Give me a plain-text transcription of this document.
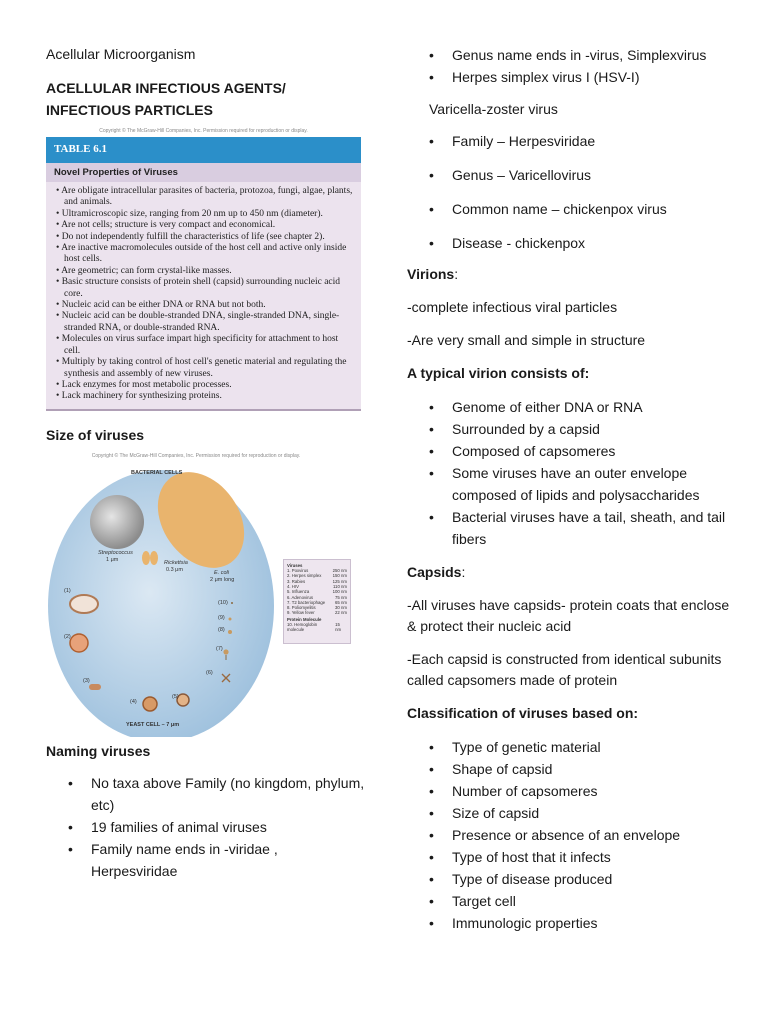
Acellular Microorganism

ACELLULAR INFECTIOUS AGENTS/

INFECTIOUS PARTICLES

Copyright © The McGraw-Hill Companies, Inc. Permission required for reproduction or display.
TABLE 6.1
Novel Properties of Viruses
• Are obligate intracellular parasites of bacteria, protozoa, fungi, algae, plants, and animals.
• Ultramicroscopic size, ranging from 20 nm up to 450 nm (diameter).
• Are not cells; structure is very compact and economical.
• Do not independently fulfill the characteristics of life (see chapter 2).
• Are inactive macromolecules outside of the host cell and active only inside host cells.
• Are geometric; can form crystal-like masses.
• Basic structure consists of protein shell (capsid) surrounding nucleic acid core.
• Nucleic acid can be either DNA or RNA but not both.
• Nucleic acid can be double-stranded DNA, single-stranded DNA, single-stranded RNA, or double-stranded RNA.
• Molecules on virus surface impart high specificity for attachment to host cell.
• Multiply by taking control of host cell's genetic material and regulating the synthesis and assembly of new viruses.
• Lack enzymes for most metabolic processes.
• Lack machinery for synthesizing proteins.

Size of viruses

Copyright © The McGraw-Hill Companies, Inc. Permission required for reproduction or display.
BACTERIAL CELLS
Streptococcus
1 μm	Rickettsia
0.3 μm	E. coli
2 μm long
(1)
(2)
(3)
(4)
(5)
(6)
(7)
(8)
(9)
(10)
YEAST CELL – 7 μm
Viruses
1. Poxvirus	250 nm
2. Herpes simplex	150 nm
3. Rabies	125 nm
4. HIV	110 nm
5. Influenza	100 nm
6. Adenovirus	75 nm
7. T2 bacteriophage 65 nm
8. Poliomyelitis	30 nm
9. Yellow fever	22 nm
Protein Molecule
10. Hemoglobin molecule
15 nm

Naming viruses

• No taxa above Family (no kingdom, phylum, etc)
• 19 families of animal viruses
• Family name ends in -viridae , Herpesviridae
• Genus name ends in -virus, Simplexvirus
• Herpes simplex virus I (HSV-I)

Varicella-zoster virus

• Family – Herpesviridae
• Genus – Varicellovirus
• Common name – chickenpox virus
• Disease - chickenpox

Virions:

-complete infectious viral particles

-Are very small and simple in structure

A typical virion consists of:

• Genome of either DNA or RNA
• Surrounded by a capsid
• Composed of capsomeres
• Some viruses have an outer envelope composed of lipids and polysaccharides
• Bacterial viruses have a tail, sheath, and tail fibers

Capsids:

-All viruses have capsids- protein coats that enclose & protect their nucleic acid

-Each capsid is constructed from identical subunits called capsomers made of protein

Classification of viruses based on:

• Type of genetic material
• Shape of capsid
• Number of capsomeres
• Size of capsid
• Presence or absence of an envelope
• Type of host that it infects
• Type of disease produced
• Target cell
• Immunologic properties
